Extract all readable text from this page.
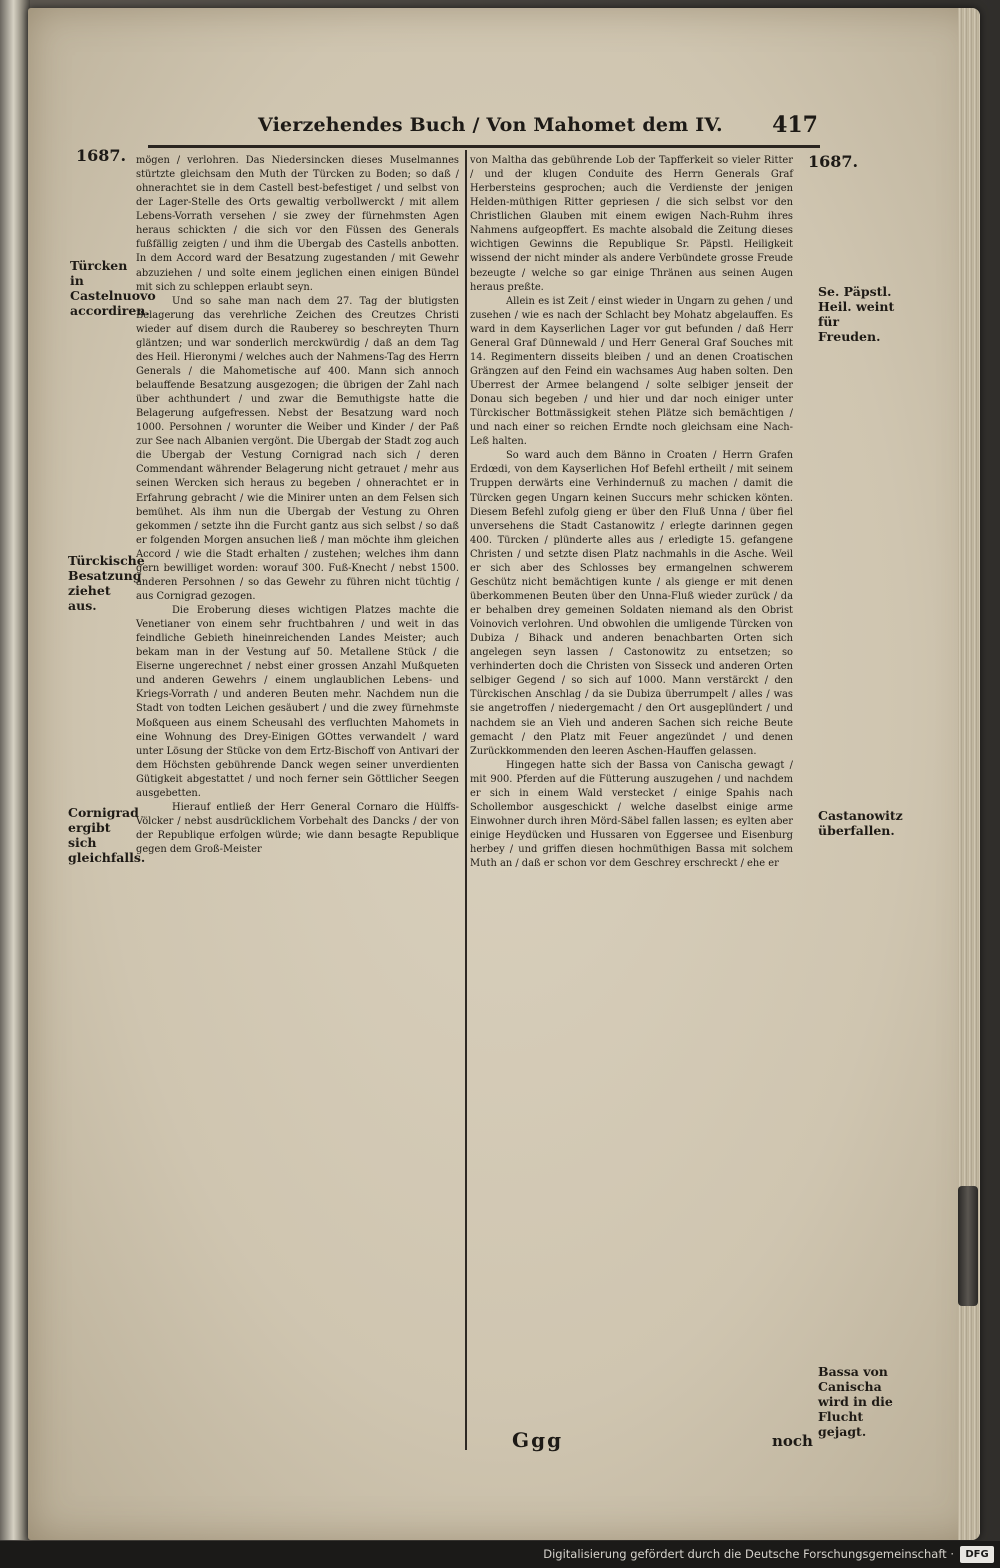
Vierzehendes Buch / Von Mahomet dem IV. 417
1687.	1687.
Türcken in Castelnuovo accordiren.
Türckische Besatzung ziehet aus.
Cornigrad ergibt sich gleichfalls.
Se. Päpstl. Heil. weint für Freuden.
Castanowitz überfallen.
Bassa von Canischa wird in die Flucht gejagt.

mögen / verlohren. Das Niedersincken dieses Muselmannes stürtzte gleichsam den Muth der Türcken zu Boden; so daß / ohnerachtet sie in dem Castell best-befestiget / und selbst von der Lager-Stelle des Orts gewaltig verbollwerckt / mit allem Lebens-Vorrath versehen / sie zwey der fürnehmsten Agen heraus schickten / die sich vor den Füssen des Generals fußfällig zeigten / und ihm die Ubergab des Castells anbotten. In dem Accord ward der Besatzung zugestanden / mit Gewehr abzuziehen / und solte einem jeglichen einen einigen Bündel mit sich zu schleppen erlaubt seyn.

Und so sahe man nach dem 27. Tag der blutigsten Belagerung das verehrliche Zeichen des Creutzes Christi wieder auf disem durch die Rauberey so beschreyten Thurn gläntzen; und war sonderlich merckwürdig / daß an dem Tag des Heil. Hieronymi / welches auch der Nahmens-Tag des Herrn Generals / die Mahometische auf 400. Mann sich annoch belauffende Besatzung ausgezogen; die übrigen der Zahl nach über achthundert / und zwar die Bemuthigste hatte die Belagerung aufgefressen. Nebst der Besatzung ward noch 1000. Persohnen / worunter die Weiber und Kinder / der Paß zur See nach Albanien vergönt. Die Ubergab der Stadt zog auch die Ubergab der Vestung Cornigrad nach sich / deren Commendant währender Belagerung nicht getrauet / mehr aus seinen Wercken sich heraus zu begeben / ohnerachtet er in Erfahrung gebracht / wie die Minirer unten an dem Felsen sich bemühet. Als ihm nun die Ubergab der Vestung zu Ohren gekommen / setzte ihn die Furcht gantz aus sich selbst / so daß er folgenden Morgen ansuchen ließ / man möchte ihm gleichen Accord / wie die Stadt erhalten / zustehen; welches ihm dann gern bewilliget worden: worauf 300. Fuß-Knecht / nebst 1500. anderen Persohnen / so das Gewehr zu führen nicht tüchtig / aus Cornigrad gezogen.

Die Eroberung dieses wichtigen Platzes machte die Venetianer von einem sehr fruchtbahren / und weit in das feindliche Gebieth hineinreichenden Landes Meister; auch bekam man in der Vestung auf 50. Metallene Stück / die Eiserne ungerechnet / nebst einer grossen Anzahl Mußqueten und anderen Gewehrs / einem unglaublichen Lebens- und Kriegs-Vorrath / und anderen Beuten mehr. Nachdem nun die Stadt von todten Leichen gesäubert / und die zwey fürnehmste Moßqueen aus einem Scheusahl des verfluchten Mahomets in eine Wohnung des Drey-Einigen GOttes verwandelt / ward unter Lösung der Stücke von dem Ertz-Bischoff von Antivari der dem Höchsten gebührende Danck wegen seiner unverdienten Gütigkeit abgestattet / und noch ferner sein Göttlicher Seegen ausgebetten.

Hierauf entließ der Herr General Cornaro die Hülffs-Völcker / nebst ausdrücklichem Vorbehalt des Dancks / der von der Republique erfolgen würde; wie dann besagte Republique gegen dem Groß-Meister

von Maltha das gebührende Lob der Tapfferkeit so vieler Ritter / und der klugen Conduite des Herrn Generals Graf Herbersteins gesprochen; auch die Verdienste der jenigen Helden-müthigen Ritter gepriesen / die sich selbst vor den Christlichen Glauben mit einem ewigen Nach-Ruhm ihres Nahmens aufgeopffert. Es machte alsobald die Zeitung dieses wichtigen Gewinns die Republique Sr. Päpstl. Heiligkeit wissend der nicht minder als andere Verbündete grosse Freude bezeugte / welche so gar einige Thränen aus seinen Augen heraus preßte.

Allein es ist Zeit / einst wieder in Ungarn zu gehen / und zusehen / wie es nach der Schlacht bey Mohatz abgelauffen. Es ward in dem Kayserlichen Lager vor gut befunden / daß Herr General Graf Dünnewald / und Herr General Graf Souches mit 14. Regimentern disseits bleiben / und an denen Croatischen Grängzen auf den Feind ein wachsames Aug haben solten. Den Uberrest der Armee belangend / solte selbiger jenseit der Donau sich begeben / und hier und dar noch einiger unter Türckischer Bottmässigkeit stehen Plätze sich bemächtigen / und nach einer so reichen Erndte noch gleichsam eine Nach-Leß halten.

So ward auch dem Bänno in Croaten / Herrn Grafen Erdœdi, von dem Kayserlichen Hof Befehl ertheilt / mit seinem Truppen derwärts eine Verhindernuß zu machen / damit die Türcken gegen Ungarn keinen Succurs mehr schicken könten. Diesem Befehl zufolg gieng er über den Fluß Unna / über fiel unversehens die Stadt Castanowitz / erlegte darinnen gegen 400. Türcken / plünderte alles aus / erledigte 15. gefangene Christen / und setzte disen Platz nachmahls in die Asche. Weil er sich aber des Schlosses bey ermangelnen schwerem Geschütz nicht bemächtigen kunte / als gienge er mit denen überkommenen Beuten über den Unna-Fluß wieder zurück / da er behalben drey gemeinen Soldaten niemand als den Obrist Voinovich verlohren. Und obwohlen die umligende Türcken von Dubiza / Bihack und anderen benachbarten Orten sich angelegen seyn lassen / Castonowitz zu entsetzen; so verhinderten doch die Christen von Sisseck und anderen Orten selbiger Gegend / so sich auf 1000. Mann verstärckt / den Türckischen Anschlag / da sie Dubiza überrumpelt / alles / was sie angetroffen / niedergemacht / den Ort ausgeplündert / und nachdem sie an Vieh und anderen Sachen sich reiche Beute gemacht / den Platz mit Feuer angezündet / und denen Zurückkommenden den leeren Aschen-Hauffen gelassen.

Hingegen hatte sich der Bassa von Canischa gewagt / mit 900. Pferden auf die Fütterung auszugehen / und nachdem er sich in einem Wald verstecket / einige Spahis nach Schollembor ausgeschickt / welche daselbst einige arme Einwohner durch ihren Mörd-Säbel fallen lassen; es eylten aber einige Heydücken und Hussaren von Eggersee und Eisenburg herbey / und griffen diesen hochmüthigen Bassa mit solchem Muth an / daß er schon vor dem Geschrey erschreckt / ehe er

Ggg	noch
Digitalisierung gefördert durch die Deutsche Forschungsgemeinschaft ·	DFG
